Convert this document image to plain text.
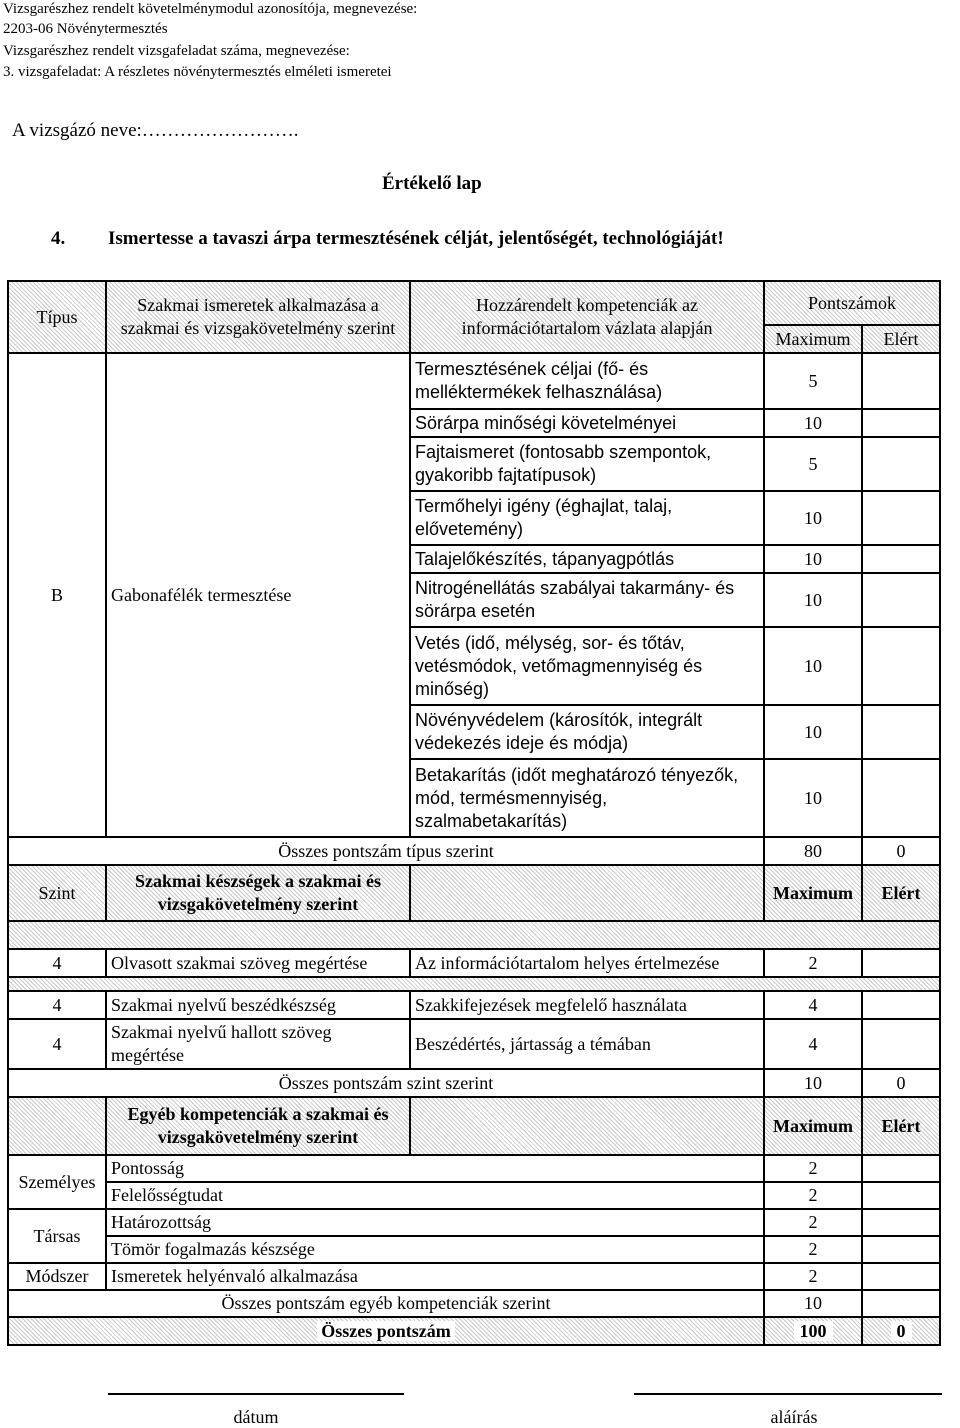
Vizsgarészhez rendelt követelménymodul azonosítója, megnevezése:
2203-06 Növénytermesztés
Vizsgarészhez rendelt vizsgafeladat száma, megnevezése:
3. vizsgafeladat: A részletes növénytermesztés elméleti ismeretei
A vizsgázó neve:…………………….
Értékelő lap
4. Ismertesse a tavaszi árpa termesztésének célját, jelentőségét, technológiáját!
Típus	Szakmai ismeretek alkalmazása a szakmai és vizsgakövetelmény szerint	Hozzárendelt kompetenciák az információtartalom vázlata alapján	Pontszámok	
			Maximum	Elért
B	Gabonafélék termesztése	Termesztésének céljai (fő- és melléktermékek felhasználása)	5	
		Sörárpa minőségi követelményei	10	
		Fajtaismeret (fontosabb szempontok, gyakoribb fajtatípusok)	5	
		Termőhelyi igény (éghajlat, talaj, elővetemény)	10	
		Talajelőkészítés, tápanyagpótlás	10	
		Nitrogénellátás szabályai takarmány- és sörárpa esetén	10	
		Vetés (idő, mélység, sor- és tőtáv, vetésmódok, vetőmagmennyiség és minőség)	10	
		Növényvédelem (károsítók, integrált védekezés ideje és módja)	10	
		Betakarítás (időt meghatározó tényezők, mód, termésmennyiség, szalmabetakarítás)	10	
Összes pontszám típus szerint			80	0
Szint	Szakmai készségek a szakmai és vizsgakövetelmény szerint		Maximum	Elért

4	Olvasott szakmai szöveg megértése	Az információtartalom helyes értelmezése	2	

4	Szakmai nyelvű beszédkészség	Szakkifejezések megfelelő használata	4	
4	Szakmai nyelvű hallott szöveg megértése	Beszédértés, jártasság a témában	4	
Összes pontszám szint szerint			10	0
	Egyéb kompetenciák a szakmai és vizsgakövetelmény szerint		Maximum	Elért
Személyes	Pontosság		2	
	Felelősségtudat		2	
Társas	Határozottság		2	
	Tömör fogalmazás készsége		2	
Módszer	Ismeretek helyénvaló alkalmazása		2	
Összes pontszám egyéb kompetenciák szerint			10	
Összes pontszám			100	0
dátum	aláírás
